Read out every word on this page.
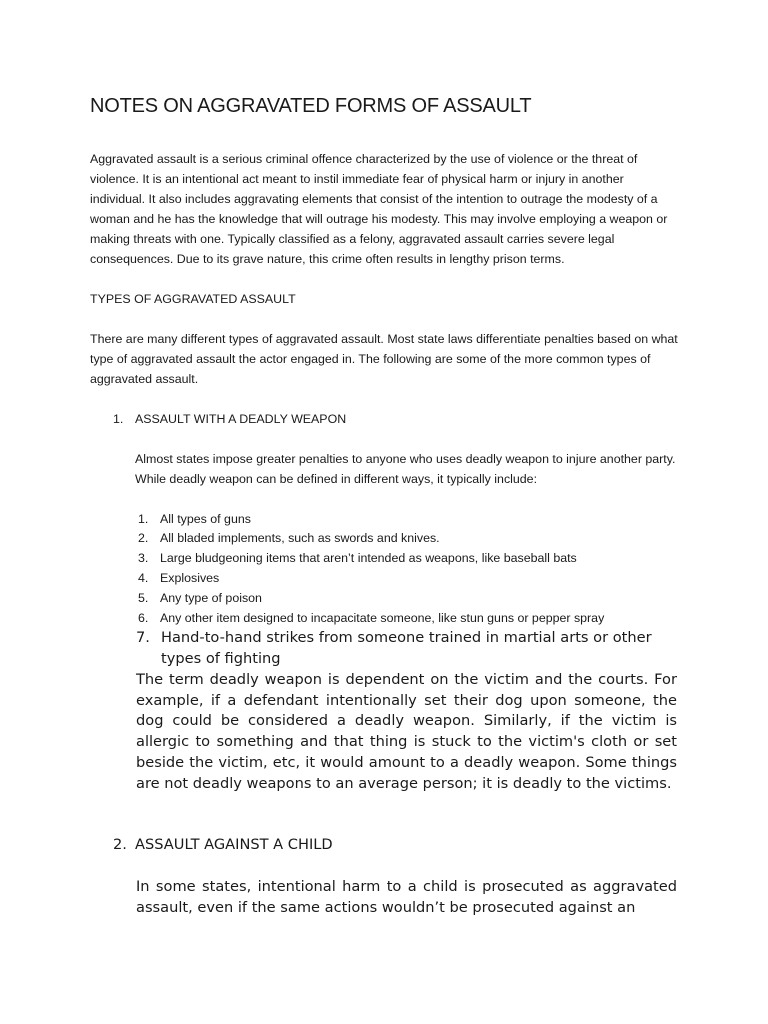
NOTES ON AGGRAVATED FORMS OF ASSAULT
Aggravated assault is a serious criminal offence characterized by the use of violence or the threat of violence. It is an intentional act meant to instil immediate fear of physical harm or injury in another individual. It also includes aggravating elements that consist of the intention to outrage the modesty of a woman and he has the knowledge that will outrage his modesty. This may involve employing a weapon or making threats with one. Typically classified as a felony, aggravated assault carries severe legal consequences. Due to its grave nature, this crime often results in lengthy prison terms.
TYPES OF AGGRAVATED ASSAULT
There are many different types of aggravated assault. Most state laws differentiate penalties based on what type of aggravated assault the actor engaged in. The following are some of the more common types of aggravated assault.
1. ASSAULT WITH A DEADLY WEAPON
Almost states impose greater penalties to anyone who uses deadly weapon to injure another party. While deadly weapon can be defined in different ways, it typically include:
1. All types of guns
2. All bladed implements, such as swords and knives.
3. Large bludgeoning items that aren’t intended as weapons, like baseball bats
4. Explosives
5. Any type of poison
6. Any other item designed to incapacitate someone, like stun guns or pepper spray
7. Hand-to-hand strikes from someone trained in martial arts or other types of fighting
The term deadly weapon is dependent on the victim and the courts. For example, if a defendant intentionally set their dog upon someone, the dog could be considered a deadly weapon. Similarly, if the victim is allergic to something and that thing is stuck to the victim's cloth or set beside the victim, etc, it would amount to a deadly weapon. Some things are not deadly weapons to an average person; it is deadly to the victims.
2. ASSAULT AGAINST A CHILD
In some states, intentional harm to a child is prosecuted as aggravated assault, even if the same actions wouldn’t be prosecuted against an
